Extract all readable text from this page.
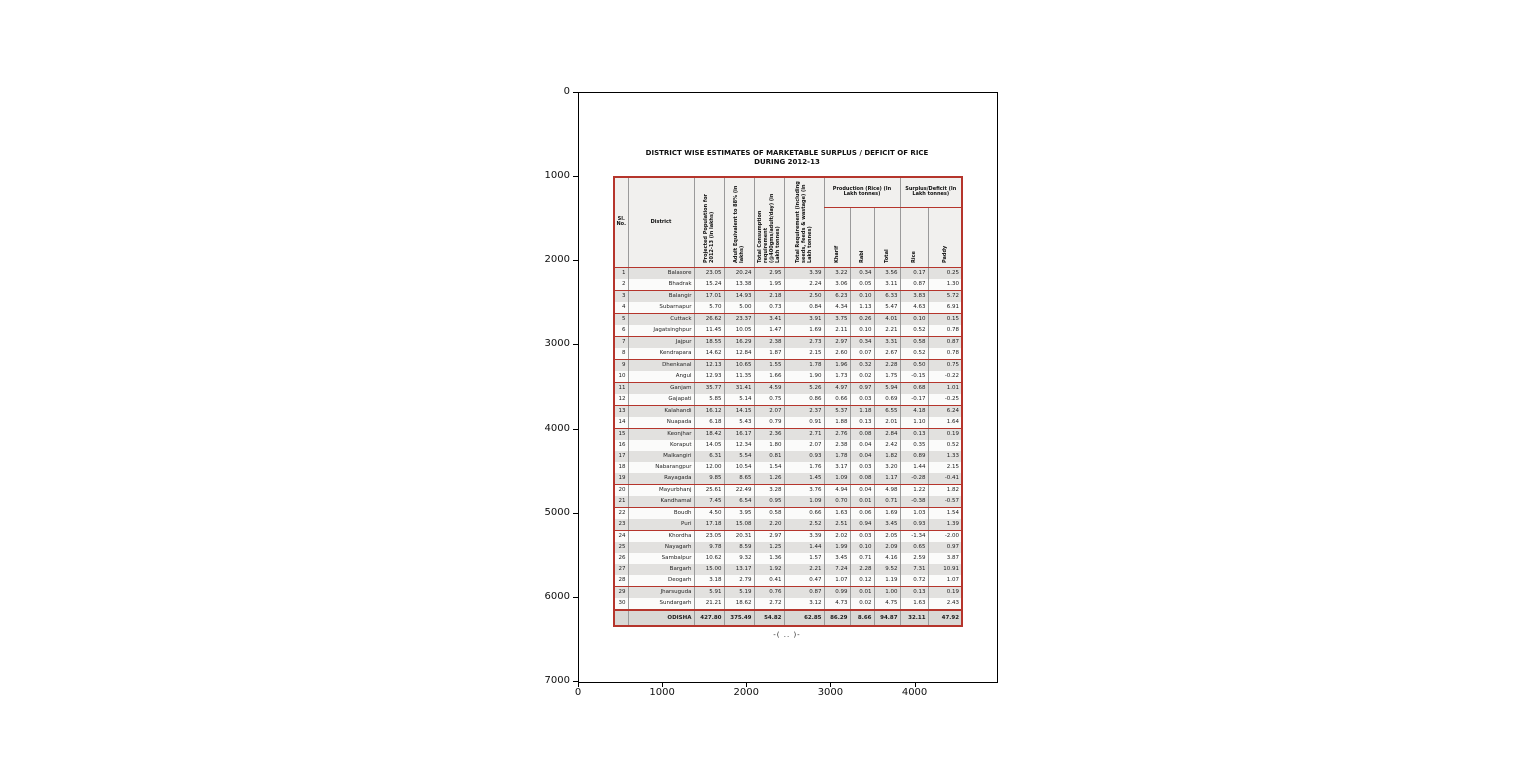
DISTRICT WISE ESTIMATES OF MARKETABLE SURPLUS / DEFICIT OF RICE
DURING 2012-13
Sl. No.	District	Projected Population for 2012-13 (in lakhs)	Adult Equivalent to 88% (in lakhs)	Total Consumption requirement (@400gms/adult/day) (in Lakh tonnes)	Total Requirement (including seeds, feeds & wastage) (in Lakh tonnes)	Production (Rice) (In Lakh tonnes)			Surplus/Deficit (In Lakh tonnes)	
						Kharif	Rabi	Total	Rice	Paddy
1	Balasore	23.05	20.24	2.95	3.39	3.22	0.34	3.56	0.17	0.25
2	Bhadrak	15.24	13.38	1.95	2.24	3.06	0.05	3.11	0.87	1.30
3	Balangir	17.01	14.93	2.18	2.50	6.23	0.10	6.33	3.83	5.72
4	Subarnapur	5.70	5.00	0.73	0.84	4.34	1.13	5.47	4.63	6.91
5	Cuttack	26.62	23.37	3.41	3.91	3.75	0.26	4.01	0.10	0.15
6	Jagatsinghpur	11.45	10.05	1.47	1.69	2.11	0.10	2.21	0.52	0.78
7	Jajpur	18.55	16.29	2.38	2.73	2.97	0.34	3.31	0.58	0.87
8	Kendrapara	14.62	12.84	1.87	2.15	2.60	0.07	2.67	0.52	0.78
9	Dhenkanal	12.13	10.65	1.55	1.78	1.96	0.32	2.28	0.50	0.75
10	Angul	12.93	11.35	1.66	1.90	1.73	0.02	1.75	-0.15	-0.22
11	Ganjam	35.77	31.41	4.59	5.26	4.97	0.97	5.94	0.68	1.01
12	Gajapati	5.85	5.14	0.75	0.86	0.66	0.03	0.69	-0.17	-0.25
13	Kalahandi	16.12	14.15	2.07	2.37	5.37	1.18	6.55	4.18	6.24
14	Nuapada	6.18	5.43	0.79	0.91	1.88	0.13	2.01	1.10	1.64
15	Keonjhar	18.42	16.17	2.36	2.71	2.76	0.08	2.84	0.13	0.19
16	Koraput	14.05	12.34	1.80	2.07	2.38	0.04	2.42	0.35	0.52
17	Malkangiri	6.31	5.54	0.81	0.93	1.78	0.04	1.82	0.89	1.33
18	Nabarangpur	12.00	10.54	1.54	1.76	3.17	0.03	3.20	1.44	2.15
19	Rayagada	9.85	8.65	1.26	1.45	1.09	0.08	1.17	-0.28	-0.41
20	Mayurbhanj	25.61	22.49	3.28	3.76	4.94	0.04	4.98	1.22	1.82
21	Kandhamal	7.45	6.54	0.95	1.09	0.70	0.01	0.71	-0.38	-0.57
22	Boudh	4.50	3.95	0.58	0.66	1.63	0.06	1.69	1.03	1.54
23	Puri	17.18	15.08	2.20	2.52	2.51	0.94	3.45	0.93	1.39
24	Khordha	23.05	20.31	2.97	3.39	2.02	0.03	2.05	-1.34	-2.00
25	Nayagarh	9.78	8.59	1.25	1.44	1.99	0.10	2.09	0.65	0.97
26	Sambalpur	10.62	9.32	1.36	1.57	3.45	0.71	4.16	2.59	3.87
27	Bargarh	15.00	13.17	1.92	2.21	7.24	2.28	9.52	7.31	10.91
28	Deogarh	3.18	2.79	0.41	0.47	1.07	0.12	1.19	0.72	1.07
29	Jharsuguda	5.91	5.19	0.76	0.87	0.99	0.01	1.00	0.13	0.19
30	Sundargarh	21.21	18.62	2.72	3.12	4.73	0.02	4.75	1.63	2.43
	ODISHA	427.80	375.49	54.82	62.85	86.29	8.66	94.87	32.11	47.92
-( .. )-
0
1000
2000
3000
4000
5000
6000
7000
0	1000	2000	3000	4000
